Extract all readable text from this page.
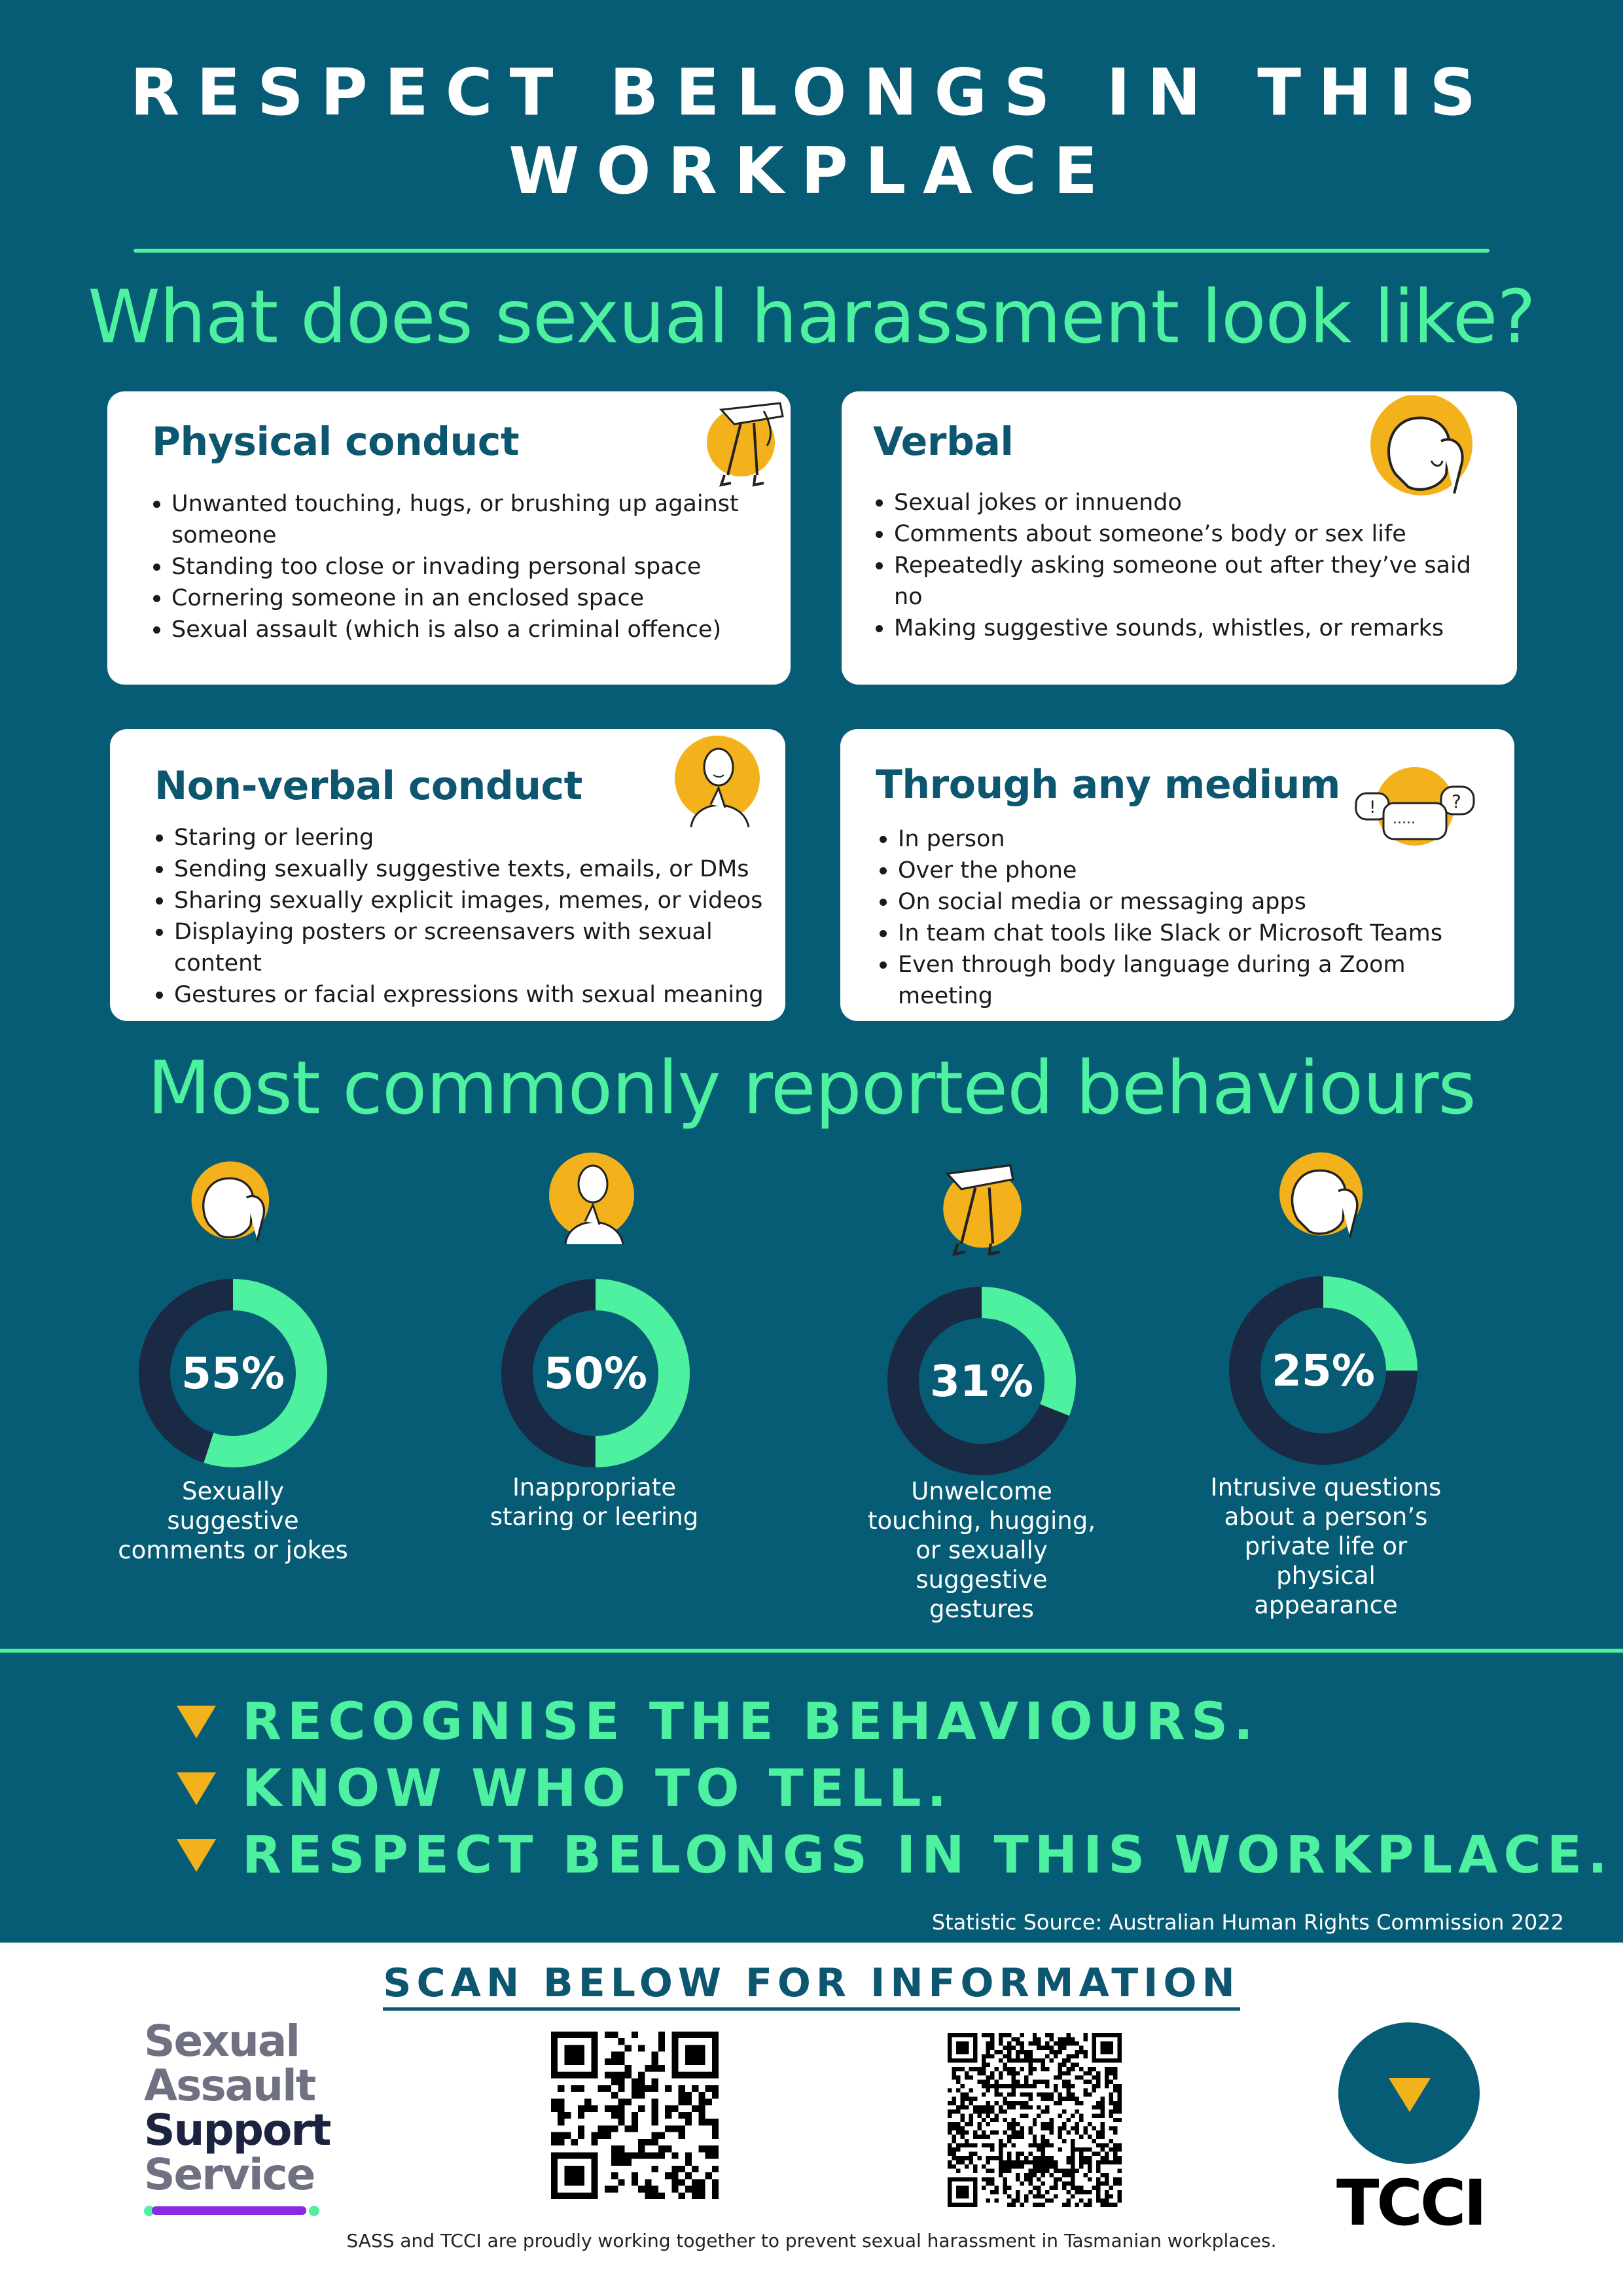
RESPECT BELONGS IN THIS
WORKPLACE
What does sexual harassment look like?
Physical conduct
Unwanted touching, hugs, or brushing up against someone
Standing too close or invading personal space
Cornering someone in an enclosed space
Sexual assault (which is also a criminal offence)
Verbal
Sexual jokes or innuendo
Comments about someone’s body or sex life
Repeatedly asking someone out after they’ve said no
Making suggestive sounds, whistles, or remarks
Non-verbal conduct
Staring or leering
Sending sexually suggestive texts, emails, or DMs
Sharing sexually explicit images, memes, or videos
Displaying posters or screensavers with sexual content
Gestures or facial expressions with sexual meaning
Through any medium !	?
.....
In person
Over the phone
On social media or messaging apps
In team chat tools like Slack or Microsoft Teams
Even through body language during a Zoom meeting
Most commonly reported behaviours
55%
Sexually suggestive comments or jokes
50%
Inappropriate staring or leering
31%
Unwelcome touching, hugging, or sexually suggestive gestures
25%
Intrusive questions about a person’s private life or physical appearance
RECOGNISE THE BEHAVIOURS.
KNOW WHO TO TELL.
RESPECT BELONGS IN THIS WORKPLACE.
Statistic Source: Australian Human Rights Commission 2022
SCAN BELOW FOR INFORMATION
Sexual
Assault
Support
Service	TCCI
SASS and TCCI are proudly working together to prevent sexual harassment in Tasmanian workplaces.
